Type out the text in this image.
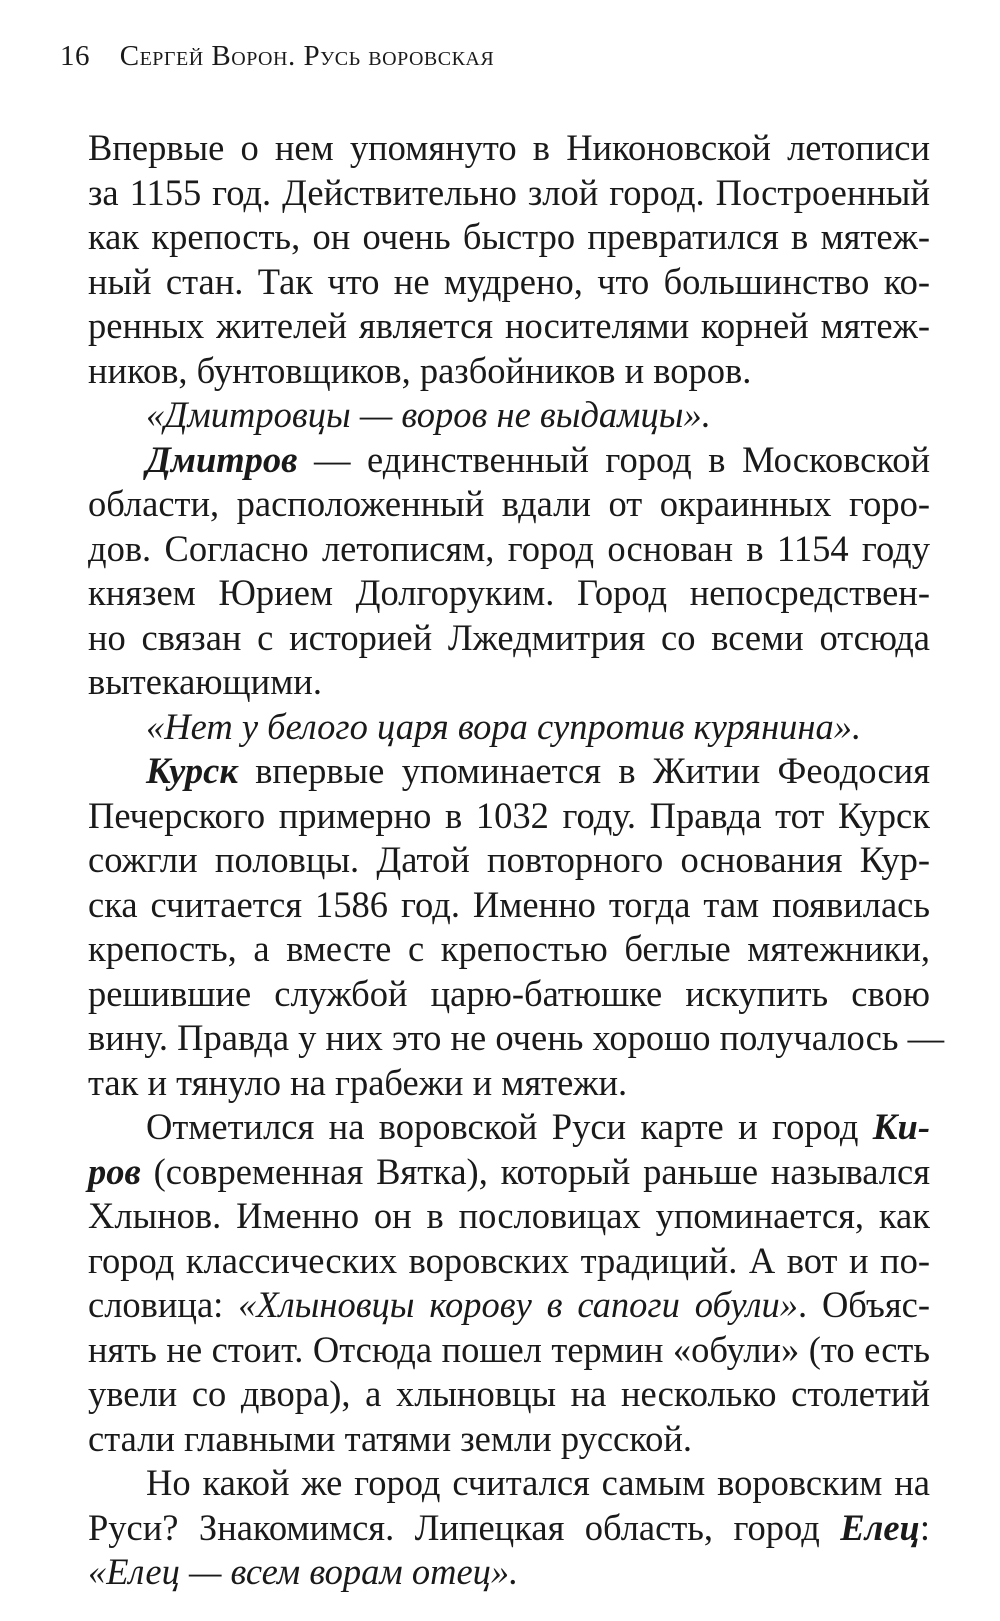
16 Сергей Ворон. Русь воровская
Впервые о нем упомянуто в Никоновской летописи
за 1155 год. Действительно злой город. Построенный
как крепость, он очень быстро превратился в мятеж-
ный стан. Так что не мудрено, что большинство ко-
ренных жителей является носителями корней мятеж-
ников, бунтовщиков, разбойников и воров.
«Дмитровцы — воров не выдамцы».
Дмитров — единственный город в Московской
области, расположенный вдали от окраинных горо-
дов. Согласно летописям, город основан в 1154 году
князем Юрием Долгоруким. Город непосредствен-
но связан с историей Лжедмитрия со всеми отсюда
вытекающими.
«Нет у белого царя вора супротив курянина».
Курск впервые упоминается в Житии Феодосия
Печерского примерно в 1032 году. Правда тот Курск
сожгли половцы. Датой повторного основания Кур-
ска считается 1586 год. Именно тогда там появилась
крепость, а вместе с крепостью беглые мятежники,
решившие службой царю-батюшке искупить свою
вину. Правда у них это не очень хорошо получалось —
так и тянуло на грабежи и мятежи.
Отметился на воровской Руси карте и город Ки-
ров (современная Вятка), который раньше назывался
Хлынов. Именно он в пословицах упоминается, как
город классических воровских традиций. А вот и по-
словица: «Хлыновцы корову в сапоги обули». Объяс-
нять не стоит. Отсюда пошел термин «обули» (то есть
увели со двора), а хлыновцы на несколько столетий
стали главными татями земли русской.
Но какой же город считался самым воровским на
Руси? Знакомимся. Липецкая область, город Елец:
«Елец — всем ворам отец».
